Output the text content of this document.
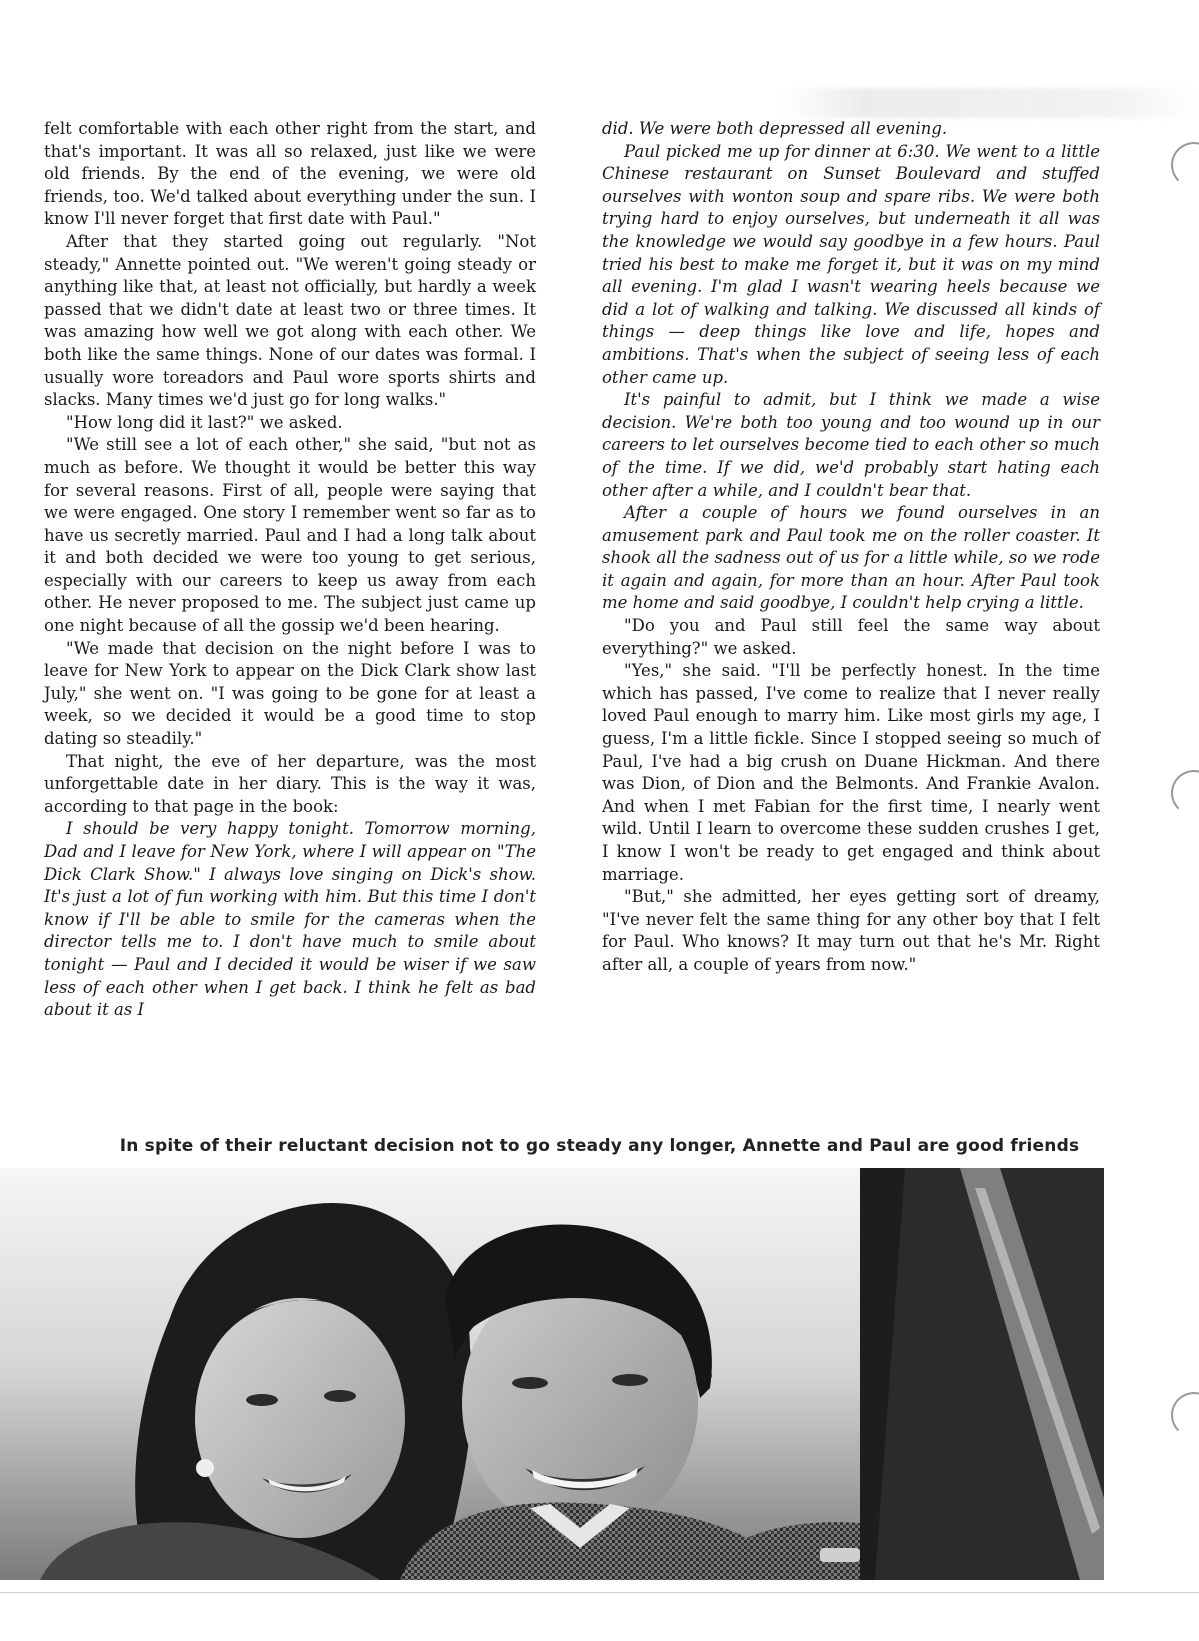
felt comfortable with each other right from the start, and that's important. It was all so relaxed, just like we were old friends. By the end of the evening, we were old friends, too. We'd talked about everything under the sun. I know I'll never forget that first date with Paul."

After that they started going out regularly. "Not steady," Annette pointed out. "We weren't going steady or anything like that, at least not officially, but hardly a week passed that we didn't date at least two or three times. It was amazing how well we got along with each other. We both like the same things. None of our dates was formal. I usually wore toreadors and Paul wore sports shirts and slacks. Many times we'd just go for long walks."

"How long did it last?" we asked.

"We still see a lot of each other," she said, "but not as much as before. We thought it would be better this way for several reasons. First of all, people were saying that we were engaged. One story I remember went so far as to have us secretly married. Paul and I had a long talk about it and both decided we were too young to get serious, especially with our careers to keep us away from each other. He never proposed to me. The subject just came up one night because of all the gossip we'd been hearing.

"We made that decision on the night before I was to leave for New York to appear on the Dick Clark show last July," she went on. "I was going to be gone for at least a week, so we decided it would be a good time to stop dating so steadily."

That night, the eve of her departure, was the most unforgettable date in her diary. This is the way it was, according to that page in the book:

I should be very happy tonight. Tomorrow morning, Dad and I leave for New York, where I will appear on "The Dick Clark Show." I always love singing on Dick's show. It's just a lot of fun working with him. But this time I don't know if I'll be able to smile for the cameras when the director tells me to. I don't have much to smile about tonight — Paul and I decided it would be wiser if we saw less of each other when I get back. I think he felt as bad about it as I

did. We were both depressed all evening.

Paul picked me up for dinner at 6:30. We went to a little Chinese restaurant on Sunset Boulevard and stuffed ourselves with wonton soup and spare ribs. We were both trying hard to enjoy ourselves, but underneath it all was the knowledge we would say goodbye in a few hours. Paul tried his best to make me forget it, but it was on my mind all evening. I'm glad I wasn't wearing heels because we did a lot of walking and talking. We discussed all kinds of things — deep things like love and life, hopes and ambitions. That's when the subject of seeing less of each other came up.

It's painful to admit, but I think we made a wise decision. We're both too young and too wound up in our careers to let ourselves become tied to each other so much of the time. If we did, we'd probably start hating each other after a while, and I couldn't bear that.

After a couple of hours we found ourselves in an amusement park and Paul took me on the roller coaster. It shook all the sadness out of us for a little while, so we rode it again and again, for more than an hour. After Paul took me home and said goodbye, I couldn't help crying a little.

"Do you and Paul still feel the same way about everything?" we asked.

"Yes," she said. "I'll be perfectly honest. In the time which has passed, I've come to realize that I never really loved Paul enough to marry him. Like most girls my age, I guess, I'm a little fickle. Since I stopped seeing so much of Paul, I've had a big crush on Duane Hickman. And there was Dion, of Dion and the Belmonts. And Frankie Avalon. And when I met Fabian for the first time, I nearly went wild. Until I learn to overcome these sudden crushes I get, I know I won't be ready to get engaged and think about marriage.

"But," she admitted, her eyes getting sort of dreamy, "I've never felt the same thing for any other boy that I felt for Paul. Who knows? It may turn out that he's Mr. Right after all, a couple of years from now."

In spite of their reluctant decision not to go steady any longer, Annette and Paul are good friends
